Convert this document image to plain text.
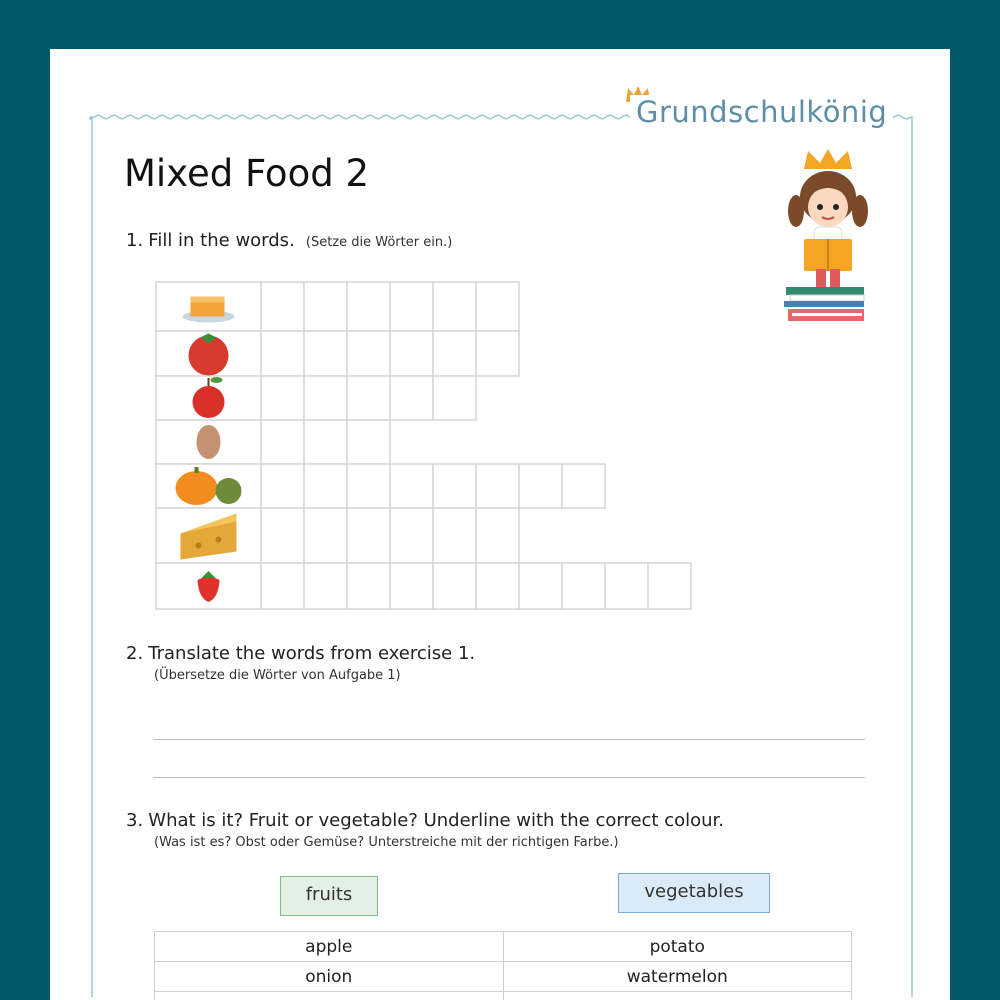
Grundschulkönig
Mixed Food 2
1. Fill in the words. (Setze die Wörter ein.)
2. Translate the words from exercise 1.
(Übersetze die Wörter von Aufgabe 1)
3. What is it? Fruit or vegetable? Underline with the correct colour.
(Was ist es? Obst oder Gemüse? Unterstreiche mit der richtigen Farbe.)
fruits	vegetables
apple	potato
onion	watermelon
